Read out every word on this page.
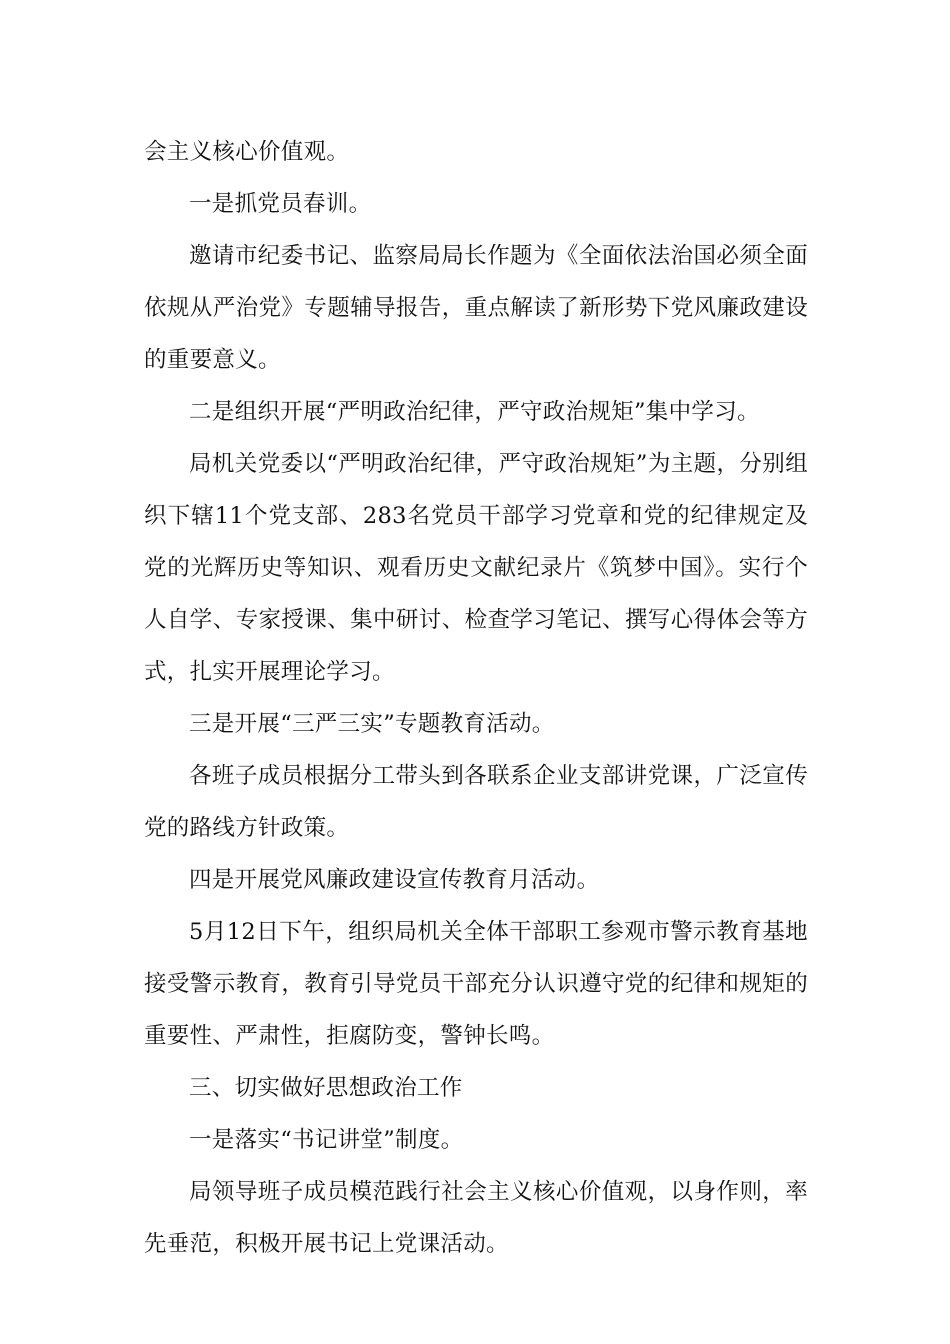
会主义核心价值观。

一是抓党员春训。

邀请市纪委书记、监察局局长作题为《全面依法治国必须全面依规从严治党》专题辅导报告，重点解读了新形势下党风廉政建设的重要意义。

二是组织开展“严明政治纪律，严守政治规矩”集中学习。

局机关党委以“严明政治纪律，严守政治规矩”为主题，分别组织下辖11个党支部、283名党员干部学习党章和党的纪律规定及党的光辉历史等知识、观看历史文献纪录片《筑梦中国》。实行个人自学、专家授课、集中研讨、检查学习笔记、撰写心得体会等方式，扎实开展理论学习。

三是开展“三严三实”专题教育活动。

各班子成员根据分工带头到各联系企业支部讲党课，广泛宣传党的路线方针政策。

四是开展党风廉政建设宣传教育月活动。

5月12日下午，组织局机关全体干部职工参观市警示教育基地接受警示教育，教育引导党员干部充分认识遵守党的纪律和规矩的重要性、严肃性，拒腐防变，警钟长鸣。

三、切实做好思想政治工作

一是落实“书记讲堂”制度。

局领导班子成员模范践行社会主义核心价值观，以身作则，率先垂范，积极开展书记上党课活动。
